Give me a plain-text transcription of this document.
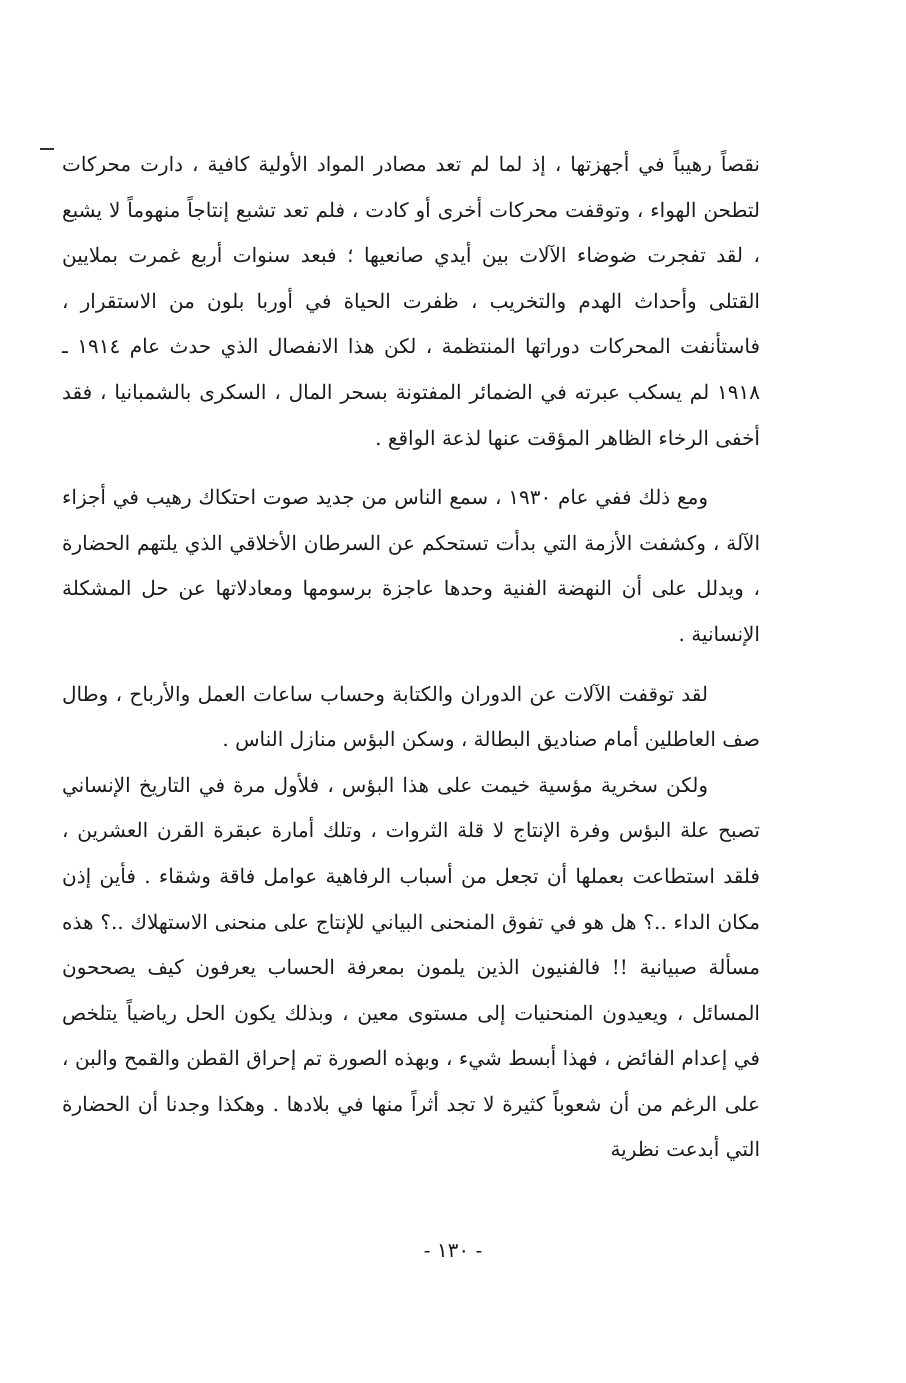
نقصاً رهيباً في أجهزتها ، إذ لما لم تعد مصادر المواد الأولية كافية ، دارت محركات لتطحن الهواء ، وتوقفت محركات أخرى أو كادت ، فلم تعد تشبع إنتاجاً منهوماً لا يشبع ، لقد تفجرت ضوضاء الآلات بين أيدي صانعيها ؛ فبعد سنوات أربع غمرت بملايين القتلى وأحداث الهدم والتخريب ، ظفرت الحياة في أوربا بلون من الاستقرار ، فاستأنفت المحركات دوراتها المنتظمة ، لكن هذا الانفصال الذي حدث عام ١٩١٤ ـ ١٩١٨ لم يسكب عبرته في الضمائر المفتونة بسحر المال ، السكرى بالشمبانيا ، فقد أخفى الرخاء الظاهر المؤقت عنها لذعة الواقع .

ومع ذلك ففي عام ١٩٣٠ ، سمع الناس من جديد صوت احتكاك رهيب في أجزاء الآلة ، وكشفت الأزمة التي بدأت تستحكم عن السرطان الأخلاقي الذي يلتهم الحضارة ، ويدلل على أن النهضة الفنية وحدها عاجزة برسومها ومعادلاتها عن حل المشكلة الإنسانية .

لقد توقفت الآلات عن الدوران والكتابة وحساب ساعات العمل والأرباح ، وطال صف العاطلين أمام صناديق البطالة ، وسكن البؤس منازل الناس .

ولكن سخرية مؤسية خيمت على هذا البؤس ، فلأول مرة في التاريخ الإنساني تصبح علة البؤس وفرة الإنتاج لا قلة الثروات ، وتلك أمارة عبقرة القرن العشرين ، فلقد استطاعت بعملها أن تجعل من أسباب الرفاهية عوامل فاقة وشقاء . فأين إذن مكان الداء ..؟ هل هو في تفوق المنحنى البياني للإنتاج على منحنى الاستهلاك ..؟ هذه مسألة صبيانية !! فالفنيون الذين يلمون بمعرفة الحساب يعرفون كيف يصححون المسائل ، ويعيدون المنحنيات إلى مستوى معين ، وبذلك يكون الحل رياضياً يتلخص في إعدام الفائض ، فهذا أبسط شيء ، وبهذه الصورة تم إحراق القطن والقمح والبن ، على الرغم من أن شعوباً كثيرة لا تجد أثراً منها في بلادها . وهكذا وجدنا أن الحضارة التي أبدعت نظرية

- ١٣٠ -
